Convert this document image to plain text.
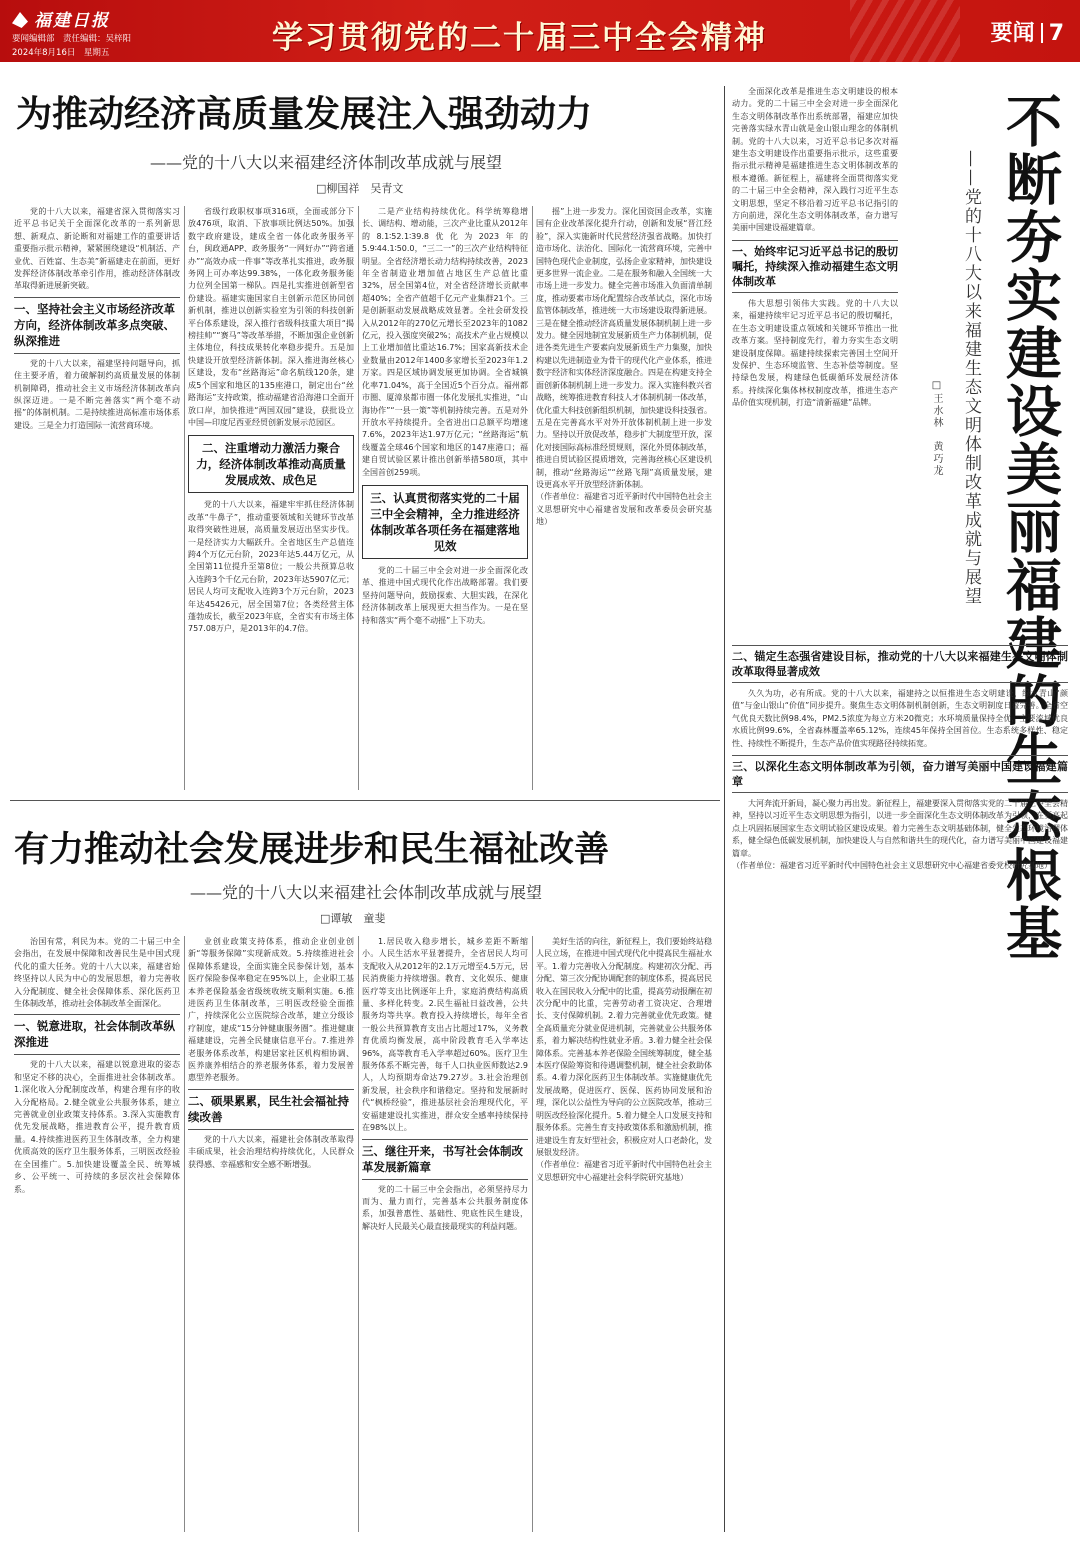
福建日报
要闻编辑部　责任编辑：吴梓阳
2024年8月16日　星期五	学习贯彻党的二十届三中全会精神	要闻 7
为推动经济高质量发展注入强劲动力
——党的十八大以来福建经济体制改革成就与展望
□柳国祥　吴青文

党的十八大以来，福建省深入贯彻落实习近平总书记关于全面深化改革的一系列新思想、新观点、新论断和对福建工作的重要讲话重要指示批示精神，紧紧围绕建设“机制活、产业优、百姓富、生态美”新福建走在前面，更好发挥经济体制改革牵引作用，推动经济体制改革取得新进展新突破。

一、坚持社会主义市场经济改革方向，经济体制改革多点突破、纵深推进

党的十八大以来，福建坚持问题导向，抓住主要矛盾，着力破解制约高质量发展的体制机制障碍，推动社会主义市场经济体制改革向纵深迈进。一是不断完善落实“两个毫不动摇”的体制机制。二是持续推进高标准市场体系建设。三是全力打造国际一流营商环境。

省级行政职权事项316项，全面或部分下放476项，取消、下放事项比例达50%。加强数字政府建设，建成全省一体化政务服务平台，闽政通APP、政务服务“一网好办”“跨省通办”“高效办成一件事”等改革扎实推进，政务服务网上可办率达99.38%，一体化政务服务能力位列全国第一梯队。四是扎实推进创新型省份建设。福建实施国家自主创新示范区协同创新机制，推进以创新实验室为引领的科技创新平台体系建设，深入推行省级科技重大项目“揭榜挂帅”“赛马”等改革举措，不断加强企业创新主体地位，科技成果转化率稳步提升。五是加快建设开放型经济新体制。深入推进海丝核心区建设，发布“丝路海运”命名航线120条，建成5个国家和地区的135座港口，制定出台“丝路海运”支持政策，推动福建省沿海港口全面开放口岸，加快推进“两国双园”建设，获批设立中国—印度尼西亚经贸创新发展示范园区。

二、注重增动力激活力聚合力，经济体制改革推动高质量发展成效、成色足

党的十八大以来，福建牢牢抓住经济体制改革“牛鼻子”，推动重要领域和关键环节改革取得突破性进展，高质量发展迈出坚实步伐。一是经济实力大幅跃升。全省地区生产总值连跨4个万亿元台阶，2023年达5.44万亿元，从全国第11位提升至第8位；一般公共预算总收入连跨3个千亿元台阶，2023年达5907亿元；居民人均可支配收入连跨3个万元台阶，2023年达45426元，居全国第7位；各类经营主体蓬勃成长，截至2023年底，全省实有市场主体757.08万户，是2013年的4.7倍。

二是产业结构持续优化。科学统筹稳增长、调结构、增动能，三次产业比重从2012年的8.1∶52.1∶39.8优化为2023年的5.9∶44.1∶50.0，“三二一”的三次产业结构特征明显。全省经济增长动力结构持续改善，2023年全省制造业增加值占地区生产总值比重32%，居全国第4位，对全省经济增长贡献率超40%；全省产值超千亿元产业集群21个。三是创新驱动发展战略成效显著。全社会研发投入从2012年的270亿元增长至2023年的1082亿元，投入强度突破2%；高技术产业占规模以上工业增加值比重达16.7%；国家高新技术企业数量由2012年1400多家增长至2023年1.2万家。四是区域协调发展更加协调。全省城镇化率71.04%，高于全国近5个百分点。福州都市圈、厦漳泉都市圈一体化发展扎实推进，“山海协作”“一县一策”等机制持续完善。五是对外开放水平持续提升。全省进出口总额平均增速7.6%，2023年达1.97万亿元；“丝路海运”航线覆盖全球46个国家和地区的147座港口；福建自贸试验区累计推出创新举措580项，其中全国首创259项。

三、认真贯彻落实党的二十届三中全会精神，全力推进经济体制改革各项任务在福建落地见效

党的二十届三中全会对进一步全面深化改革、推进中国式现代化作出战略部署。我们要坚持问题导向，鼓励探索、大胆实践，在深化经济体制改革上展现更大担当作为。一是在坚持和落实“两个毫不动摇”上下功夫。

摇”上进一步发力。深化国资国企改革，实施国有企业改革深化提升行动，创新和发展“晋江经验”，深入实施新时代民营经济强省战略。加快打造市场化、法治化、国际化一流营商环境，完善中国特色现代企业制度，弘扬企业家精神，加快建设更多世界一流企业。二是在服务和融入全国统一大市场上进一步发力。健全完善市场准入负面清单制度，推动要素市场化配置综合改革试点，深化市场监管体制改革，推进统一大市场建设取得新进展。三是在健全推动经济高质量发展体制机制上进一步发力。健全因地制宜发展新质生产力体制机制，促进各类先进生产要素向发展新质生产力集聚，加快构建以先进制造业为骨干的现代化产业体系，推进数字经济和实体经济深度融合。四是在构建支持全面创新体制机制上进一步发力。深入实施科教兴省战略，统筹推进教育科技人才体制机制一体改革，优化重大科技创新组织机制，加快建设科技强省。五是在完善高水平对外开放体制机制上进一步发力。坚持以开放促改革，稳步扩大制度型开放，深化对接国际高标准经贸规则，深化外贸体制改革，推进自贸试验区提质增效，完善海丝核心区建设机制，推动“丝路海运”“丝路飞翔”高质量发展，建设更高水平开放型经济新体制。

（作者单位：福建省习近平新时代中国特色社会主义思想研究中心福建省发展和改革委员会研究基地）

有力推动社会发展进步和民生福祉改善
——党的十八大以来福建社会体制改革成就与展望
□谭敏　童斐

治国有常，利民为本。党的二十届三中全会指出，在发展中保障和改善民生是中国式现代化的重大任务。党的十八大以来，福建省始终坚持以人民为中心的发展思想，着力完善收入分配制度、健全社会保障体系、深化医药卫生体制改革，推动社会体制改革全面深化。

一、锐意进取，社会体制改革纵深推进

党的十八大以来，福建以锐意进取的姿态和坚定不移的决心，全面推进社会体制改革。1.深化收入分配制度改革，构建合理有序的收入分配格局。2.健全就业公共服务体系，建立完善就业创业政策支持体系。3.深入实施教育优先发展战略，推进教育公平，提升教育质量。4.持续推进医药卫生体制改革，全力构建优质高效的医疗卫生服务体系，三明医改经验在全国推广。5.加快建设覆盖全民、统筹城乡、公平统一、可持续的多层次社会保障体系。

业创业政策支持体系，推动企业创业创新“等服务保障”实现新成效。5.持续推进社会保障体系建设，全面实施全民参保计划，基本医疗保险参保率稳定在95%以上，企业职工基本养老保险基金省级统收统支顺利实施。6.推进医药卫生体制改革，三明医改经验全面推广，持续深化公立医院综合改革，建立分级诊疗制度，建成“15分钟健康服务圈”。推进健康福建建设，完善全民健康信息平台。7.推进养老服务体系改革，构建居家社区机构相协调、医养康养相结合的养老服务体系，着力发展普惠型养老服务。

二、硕果累累，民生社会福祉持续改善

党的十八大以来，福建社会体制改革取得丰硕成果，社会治理结构持续优化，人民群众获得感、幸福感和安全感不断增强。

1.居民收入稳步增长，城乡差距不断缩小。人民生活水平显著提升，全省居民人均可支配收入从2012年的2.1万元增至4.5万元，居民消费能力持续增强。教育、文化娱乐、健康医疗等支出比例逐年上升，家庭消费结构高质量、多样化转变。2.民生福祉日益改善，公共服务均等共享。教育投入持续增长，每年全省一般公共预算教育支出占比超过17%，义务教育优质均衡发展，高中阶段教育毛入学率达96%，高等教育毛入学率超过60%。医疗卫生服务体系不断完善，每千人口执业医师数达2.9人，人均预期寿命达79.27岁。3.社会治理创新发展，社会秩序和谐稳定。坚持和发展新时代“枫桥经验”，推进基层社会治理现代化，平安福建建设扎实推进，群众安全感率持续保持在98%以上。

三、继往开来，书写社会体制改革发展新篇章

党的二十届三中全会指出，必须坚持尽力而为、量力而行，完善基本公共服务制度体系，加强普惠性、基础性、兜底性民生建设，解决好人民最关心最直接最现实的利益问题。

美好生活的向往，新征程上，我们要始终站稳人民立场，在推进中国式现代化中提高民生福祉水平。1.着力完善收入分配制度。构建初次分配、再分配、第三次分配协调配套的制度体系，提高居民收入在国民收入分配中的比重，提高劳动报酬在初次分配中的比重，完善劳动者工资决定、合理增长、支付保障机制。2.着力完善就业优先政策。健全高质量充分就业促进机制，完善就业公共服务体系，着力解决结构性就业矛盾。3.着力健全社会保障体系。完善基本养老保险全国统筹制度，健全基本医疗保险筹资和待遇调整机制，健全社会救助体系。4.着力深化医药卫生体制改革。实施健康优先发展战略，促进医疗、医保、医药协同发展和治理，深化以公益性为导向的公立医院改革，推动三明医改经验深化提升。5.着力健全人口发展支持和服务体系。完善生育支持政策体系和激励机制，推进建设生育友好型社会，积极应对人口老龄化，发展银发经济。

（作者单位：福建省习近平新时代中国特色社会主义思想研究中心福建社会科学院研究基地）

全面深化改革是推进生态文明建设的根本动力。党的二十届三中全会对进一步全面深化生态文明体制改革作出系统部署，福建应加快完善落实绿水青山就是金山银山理念的体制机制。党的十八大以来，习近平总书记多次对福建生态文明建设作出重要指示批示，这些重要指示批示精神是福建推进生态文明体制改革的根本遵循。新征程上，福建将全面贯彻落实党的二十届三中全会精神，深入践行习近平生态文明思想，坚定不移沿着习近平总书记指引的方向前进，深化生态文明体制改革，奋力谱写美丽中国建设福建篇章。

一、始终牢记习近平总书记的殷切嘱托，持续深入推动福建生态文明体制改革

伟大思想引领伟大实践。党的十八大以来，福建持续牢记习近平总书记的殷切嘱托，在生态文明建设重点领域和关键环节推出一批改革方案。坚持制度先行，着力夯实生态文明建设制度保障。福建持续探索完善国土空间开发保护、生态环境监管、生态补偿等制度。坚持绿色发展，构建绿色低碳循环发展经济体系。持续深化集体林权制度改革，推进生态产品价值实现机制，打造“清新福建”品牌。	不断夯实建设美丽福建的生态根基
——党的十八大以来福建生态文明体制改革成就与展望
□王水林　黄巧龙
二、锚定生态强省建设目标，推动党的十八大以来福建生态文明体制改革取得显著成效

久久为功，必有所成。党的十八大以来，福建持之以恒推进生态文明建设，绿水青山“颜值”与金山银山“价值”同步提升。聚焦生态文明体制机制创新，生态文明制度日益完善。全省空气优良天数比例98.4%，PM2.5浓度为每立方米20微克；水环境质量保持全优，主要流域优良水质比例99.6%，全省森林覆盖率65.12%，连续45年保持全国首位。生态系统多样性、稳定性、持续性不断提升，生态产品价值实现路径持续拓宽。

三、以深化生态文明体制改革为引领，奋力谱写美丽中国建设福建篇章

大河奔流开新局，凝心聚力再出发。新征程上，福建要深入贯彻落实党的二十届三中全会精神，坚持以习近平生态文明思想为指引，以进一步全面深化生态文明体制改革为引领，在更高起点上巩固拓展国家生态文明试验区建设成果。着力完善生态文明基础体制，健全生态环境治理体系，健全绿色低碳发展机制，加快建设人与自然和谐共生的现代化，奋力谱写美丽中国建设福建篇章。

（作者单位：福建省习近平新时代中国特色社会主义思想研究中心福建省委党校研究基地）
